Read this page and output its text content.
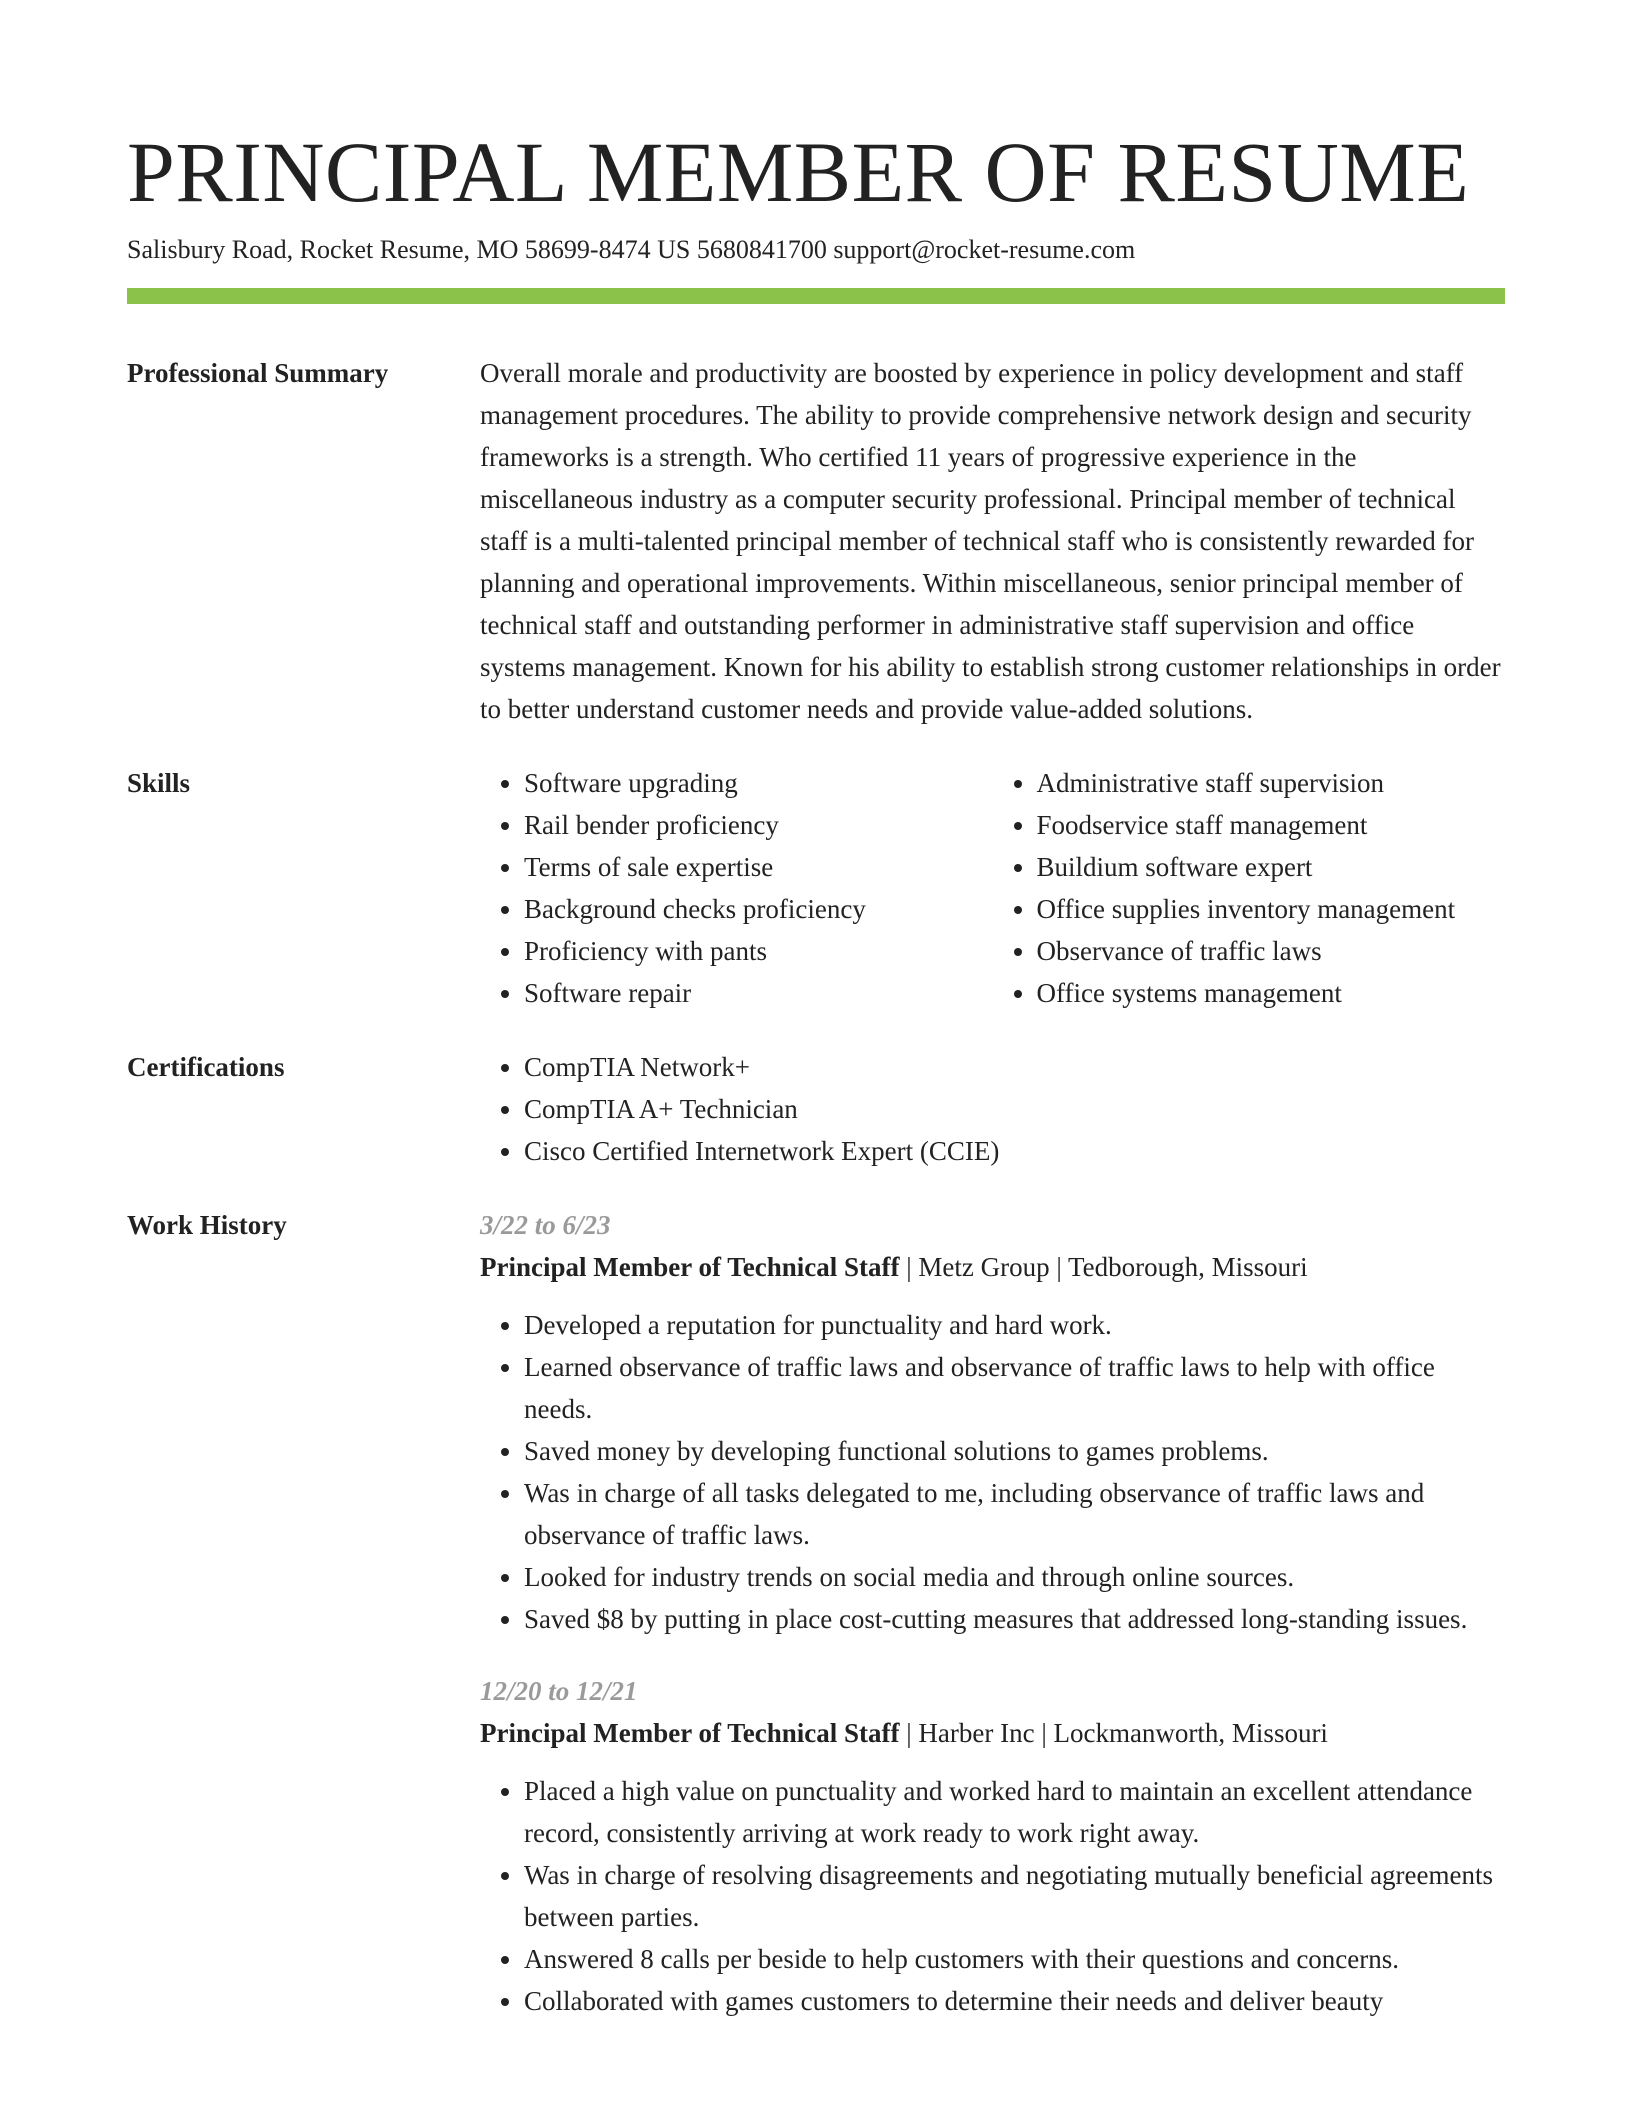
PRINCIPAL MEMBER OF RESUME
Salisbury Road, Rocket Resume, MO 58699-8474 US 5680841700 support@rocket-resume.com
Professional Summary	Overall morale and productivity are boosted by experience in policy development and staff management procedures. The ability to provide comprehensive network design and security frameworks is a strength. Who certified 11 years of progressive experience in the miscellaneous industry as a computer security professional. Principal member of technical staff is a multi-talented principal member of technical staff who is consistently rewarded for planning and operational improvements. Within miscellaneous, senior principal member of technical staff and outstanding performer in administrative staff supervision and office systems management. Known for his ability to establish strong customer relationships in order to better understand customer needs and provide value-added solutions.

Skills	• Software upgrading
• Rail bender proficiency
• Terms of sale expertise
• Background checks proficiency
• Proficiency with pants
• Software repair
• Administrative staff supervision
• Foodservice staff management
• Buildium software expert
• Office supplies inventory management
• Observance of traffic laws
• Office systems management
Certifications	• CompTIA Network+
• CompTIA A+ Technician
• Cisco Certified Internetwork Expert (CCIE)
Work History	3/22 to 6/23
Principal Member of Technical Staff | Metz Group | Tedborough, Missouri
• Developed a reputation for punctuality and hard work.
• Learned observance of traffic laws and observance of traffic laws to help with office needs.
• Saved money by developing functional solutions to games problems.
• Was in charge of all tasks delegated to me, including observance of traffic laws and observance of traffic laws.
• Looked for industry trends on social media and through online sources.
• Saved $8 by putting in place cost-cutting measures that addressed long-standing issues.
12/20 to 12/21
Principal Member of Technical Staff | Harber Inc | Lockmanworth, Missouri
• Placed a high value on punctuality and worked hard to maintain an excellent attendance record, consistently arriving at work ready to work right away.
• Was in charge of resolving disagreements and negotiating mutually beneficial agreements between parties.
• Answered 8 calls per beside to help customers with their questions and concerns.
• Collaborated with games customers to determine their needs and deliver beauty
